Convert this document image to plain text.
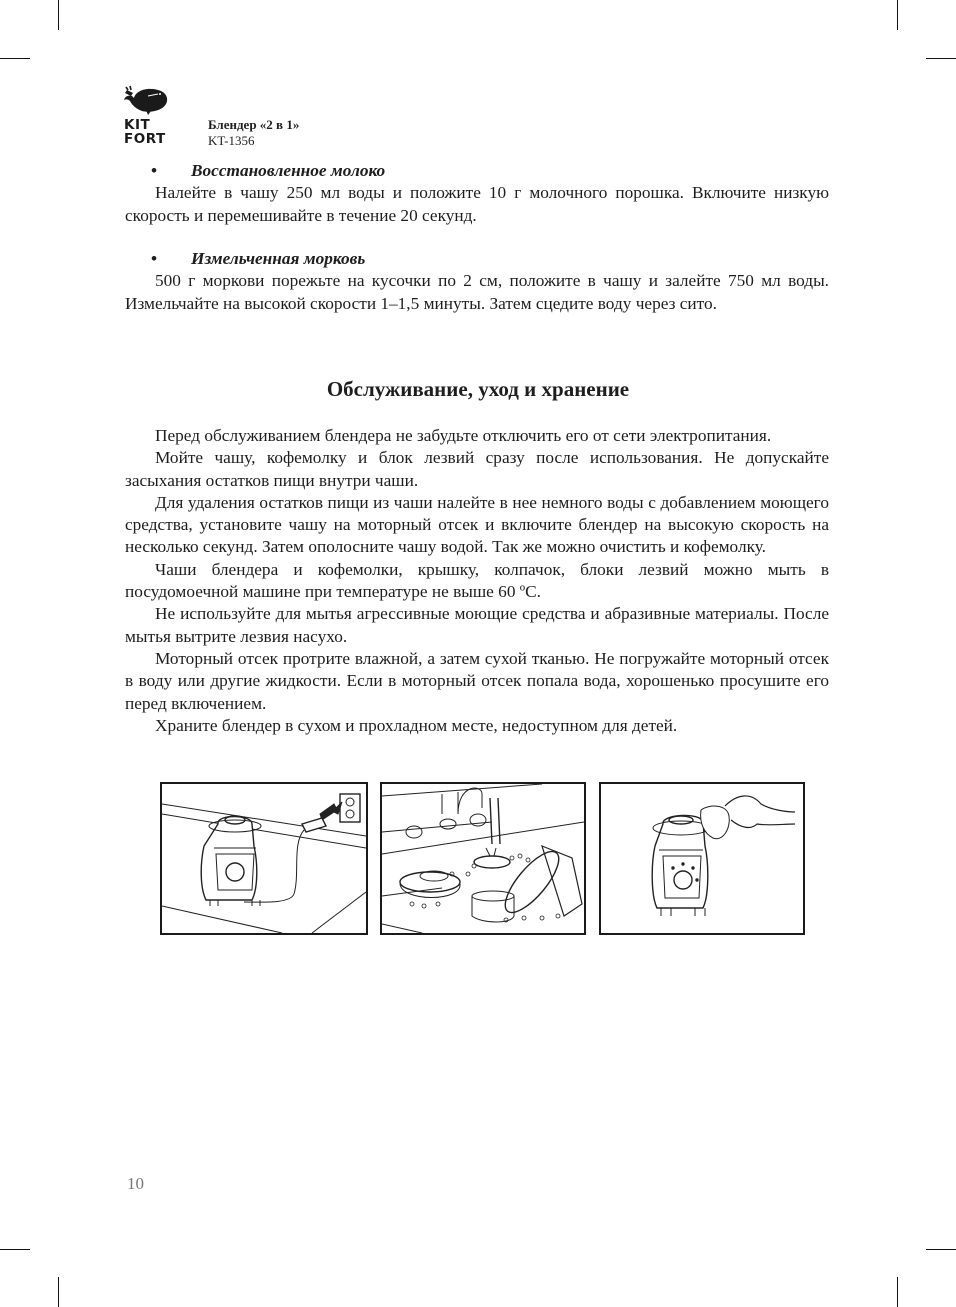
KIT
FORT
Блендер «2 в 1»
KT-1356
•	Восстановленное молоко

Налейте в чашу 250 мл воды и положите 10 г молочного порошка. Включите низкую скорость и перемешивайте в течение 20 секунд.

•	Измельченная морковь

500 г моркови порежьте на кусочки по 2 см, положите в чашу и залейте 750 мл воды. Измельчайте на высокой скорости 1–1,5 минуты. Затем сцедите воду через сито.

Обслуживание, уход и хранение

Перед обслуживанием блендера не забудьте отключить его от сети электропитания.

Мойте чашу, кофемолку и блок лезвий сразу после использования. Не допускайте засыхания остатков пищи внутри чаши.

Для удаления остатков пищи из чаши налейте в нее немного воды с добавлением моющего средства, установите чашу на моторный отсек и включите блендер на высокую скорость на несколько секунд. Затем ополосните чашу водой. Так же можно очистить и кофемолку.

Чаши блендера и кофемолки, крышку, колпачок, блоки лезвий можно мыть в посудомоечной машине при температуре не выше 60 ºС.

Не используйте для мытья агрессивные моющие средства и абразивные материалы. После мытья вытрите лезвия насухо.

Моторный отсек протрите влажной, а затем сухой тканью. Не погружайте моторный отсек в воду или другие жидкости. Если в моторный отсек попала вода, хорошенько просушите его перед включением.

Храните блендер в сухом и прохладном месте, недоступном для детей.

10
